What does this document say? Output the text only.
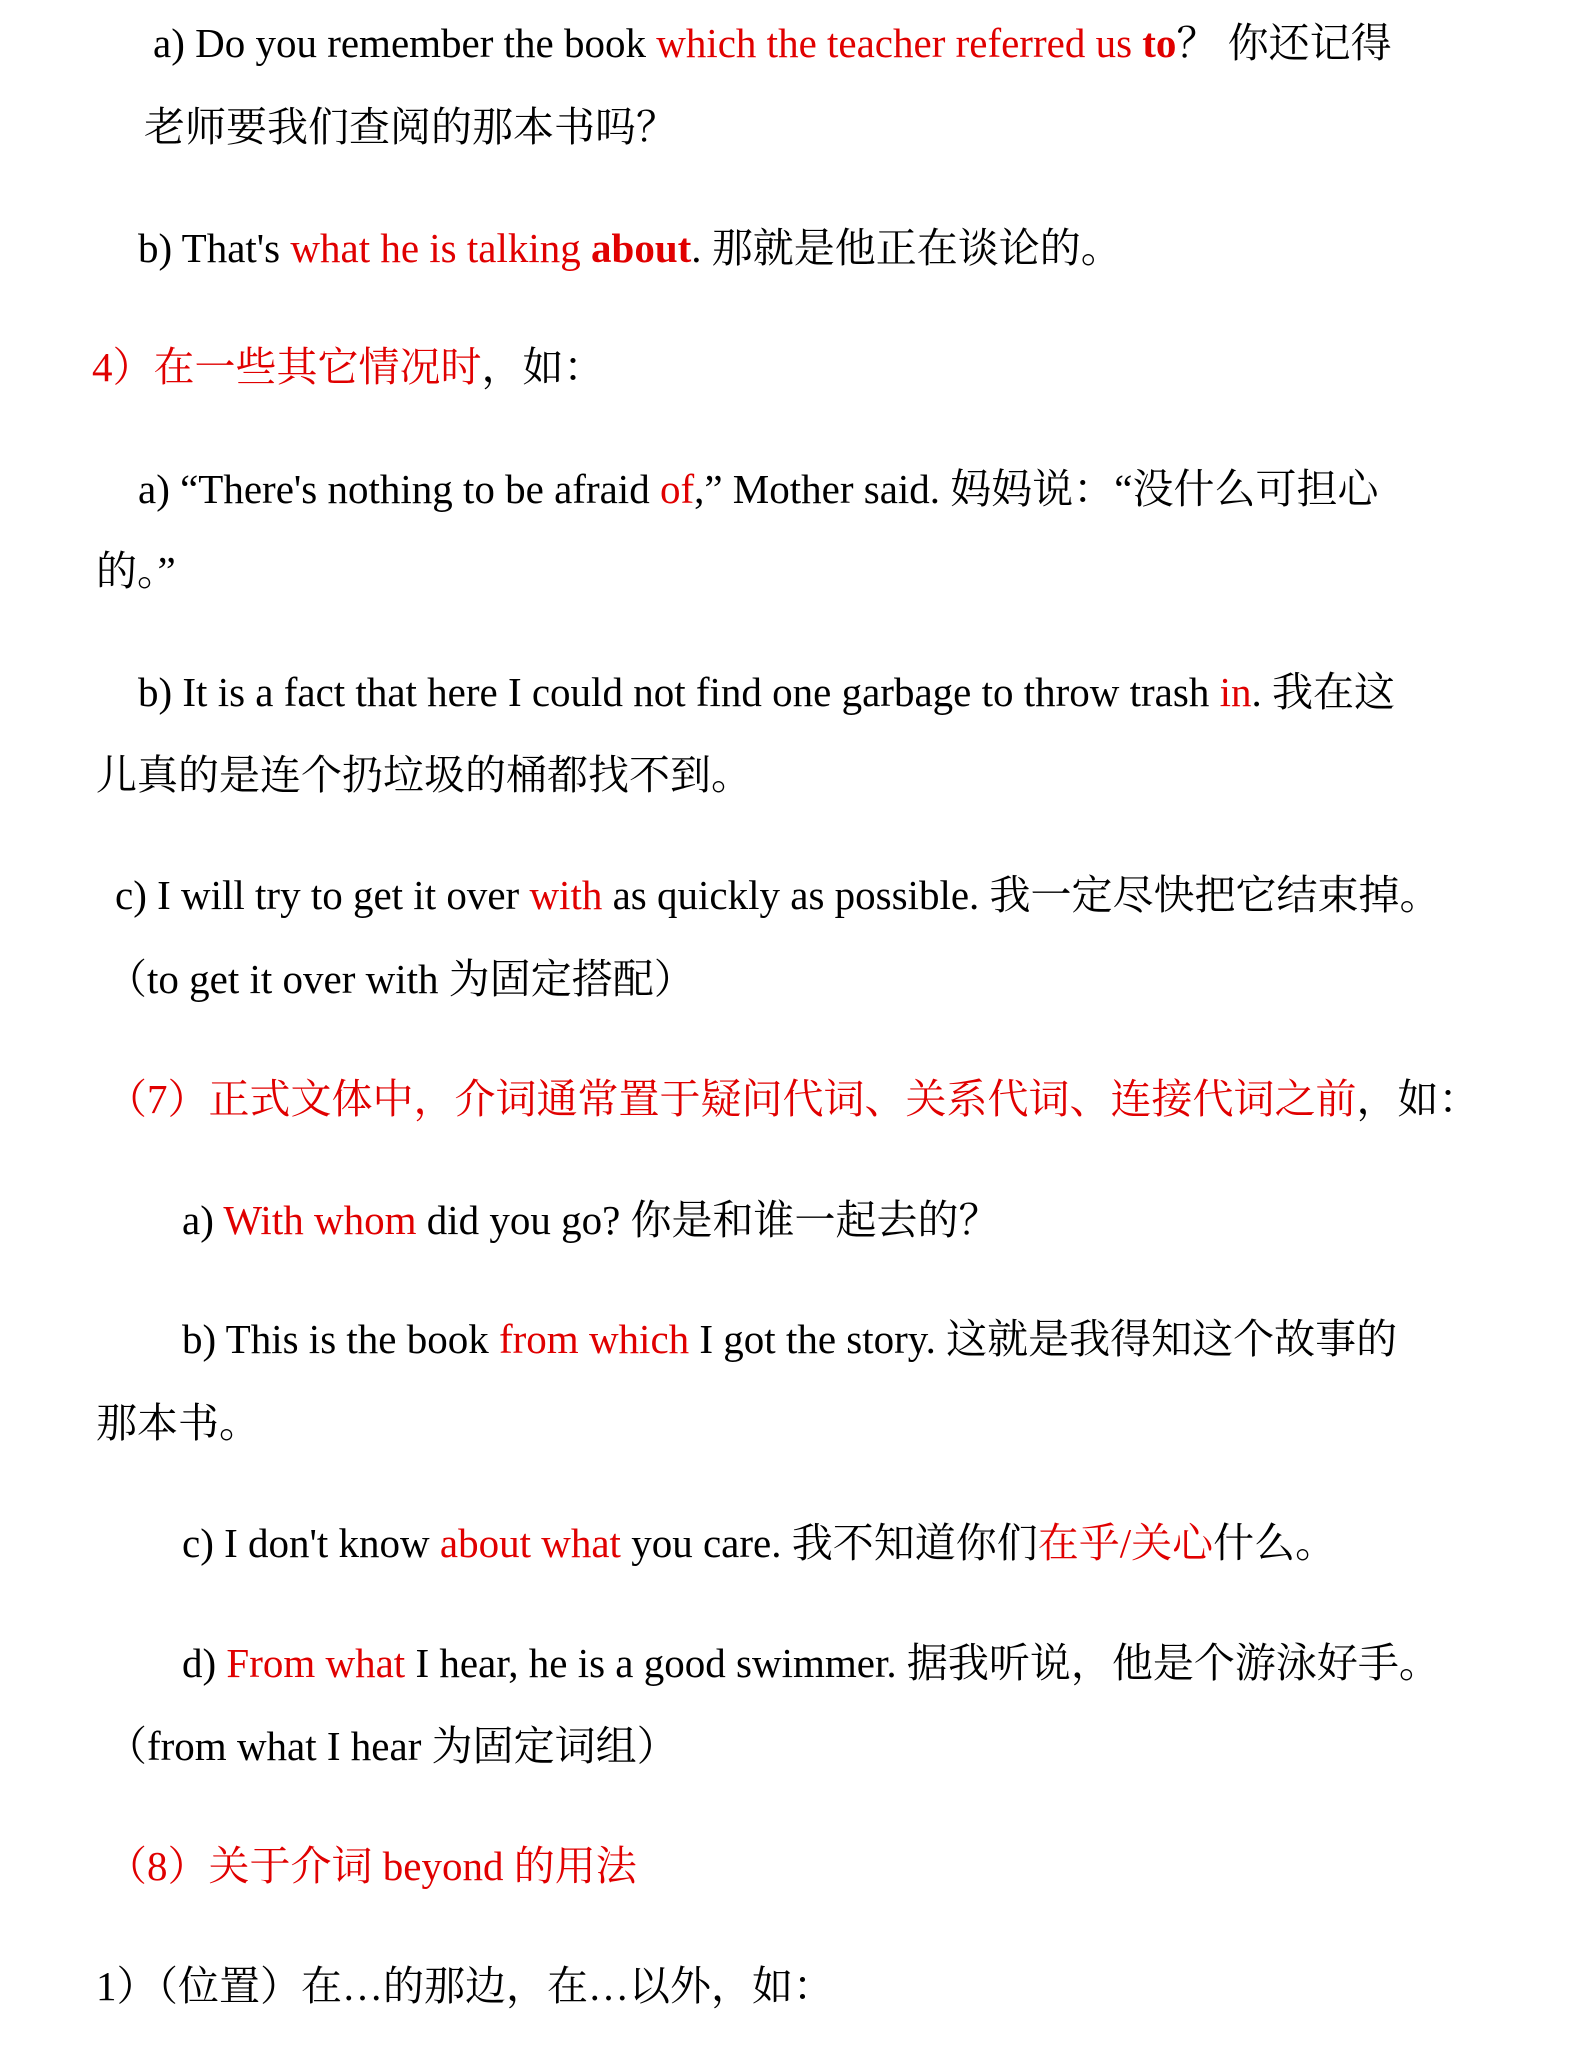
a) Do you remember the book which the teacher referred us to？ 你还记得
老师要我们查阅的那本书吗？
b) That's what he is talking about. 那就是他正在谈论的。
4）在一些其它情况时，如：
a) “There's nothing to be afraid of,” Mother said. 妈妈说：“没什么可担心
的。”
b) It is a fact that here I could not find one garbage to throw trash in. 我在这
儿真的是连个扔垃圾的桶都找不到。
c) I will try to get it over with as quickly as possible. 我一定尽快把它结束掉。
（to get it over with 为固定搭配）
（7）正式文体中，介词通常置于疑问代词、关系代词、连接代词之前，如：
a) With whom did you go? 你是和谁一起去的？
b) This is the book from which I got the story. 这就是我得知这个故事的
那本书。
c) I don't know about what you care. 我不知道你们在乎/关心什么。
d) From what I hear, he is a good swimmer. 据我听说，他是个游泳好手。
（from what I hear 为固定词组）
（8）关于介词 beyond 的用法
1）（位置）在…的那边，在…以外，如：
